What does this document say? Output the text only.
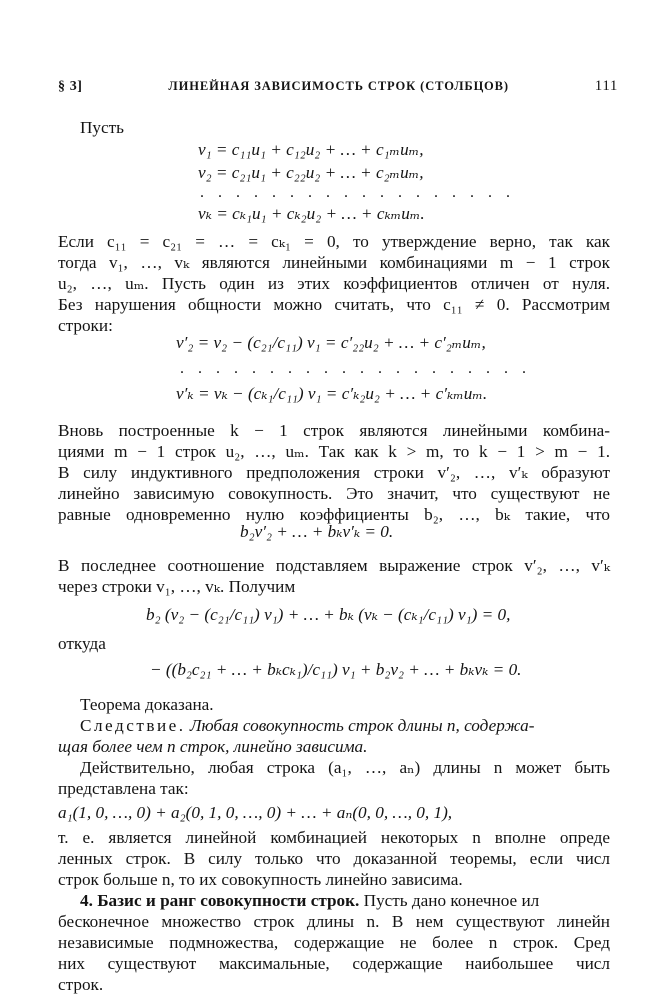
§ 3]	ЛИНЕЙНАЯ ЗАВИСИМОСТЬ СТРОК (СТОЛБЦОВ)	111
Пусть
v₁ = c₁₁u₁ + c₁₂u₂ + … + c₁ₘuₘ,
v₂ = c₂₁u₁ + c₂₂u₂ + … + c₂ₘuₘ,
. . . . . . . . . . . . . . . . . .
vₖ = cₖ₁u₁ + cₖ₂u₂ + … + cₖₘuₘ.
Если c₁₁ = c₂₁ = … = cₖ₁ = 0, то утверждение верно, так как
тогда v₁, …, vₖ являются линейными комбинациями m − 1 строк
u₂, …, uₘ. Пусть один из этих коэффициентов отличен от нуля.
Без нарушения общности можно считать, что c₁₁ ≠ 0. Рассмотрим
строки:
v′₂ = v₂ − (c₂₁/c₁₁) v₁ = c′₂₂u₂ + … + c′₂ₘuₘ,
. . . . . . . . . . . . . . . . . . . .
v′ₖ = vₖ − (cₖ₁/c₁₁) v₁ = c′ₖ₂u₂ + … + c′ₖₘuₘ.
Вновь построенные k − 1 строк являются линейными комбина-
циями m − 1 строк u₂, …, uₘ. Так как k > m, то k − 1 > m − 1.
В силу индуктивного предположения строки v′₂, …, v′ₖ образуют
линейно зависимую совокупность. Это значит, что существуют не
равные одновременно нулю коэффициенты b₂, …, bₖ такие, что
b₂v′₂ + … + bₖv′ₖ = 0.
В последнее соотношение подставляем выражение строк v′₂, …, v′ₖ
через строки v₁, …, vₖ. Получим
b₂ (v₂ − (c₂₁/c₁₁) v₁) + … + bₖ (vₖ − (cₖ₁/c₁₁) v₁) = 0,
откуда
− ((b₂c₂₁ + … + bₖcₖ₁)/c₁₁) v₁ + b₂v₂ + … + bₖvₖ = 0.
Теорема доказана.
Следствие. Любая совокупность строк длины n, содержа-
щая более чем n строк, линейно зависима.
Действительно, любая строка (a₁, …, aₙ) длины n может быть
представлена так:
a₁(1, 0, …, 0) + a₂(0, 1, 0, …, 0) + … + aₙ(0, 0, …, 0, 1),
т. е. является линейной комбинацией некоторых n вполне опреде
ленных строк. В силу только что доказанной теоремы, если числ
строк больше n, то их совокупность линейно зависима.
4. Базис и ранг совокупности строк. Пусть дано конечное ил
бесконечное множество строк длины n. В нем существуют линейн
независимые подмножества, содержащие не более n строк. Сред
них существуют максимальные, содержащие наибольшее числ
строк.
